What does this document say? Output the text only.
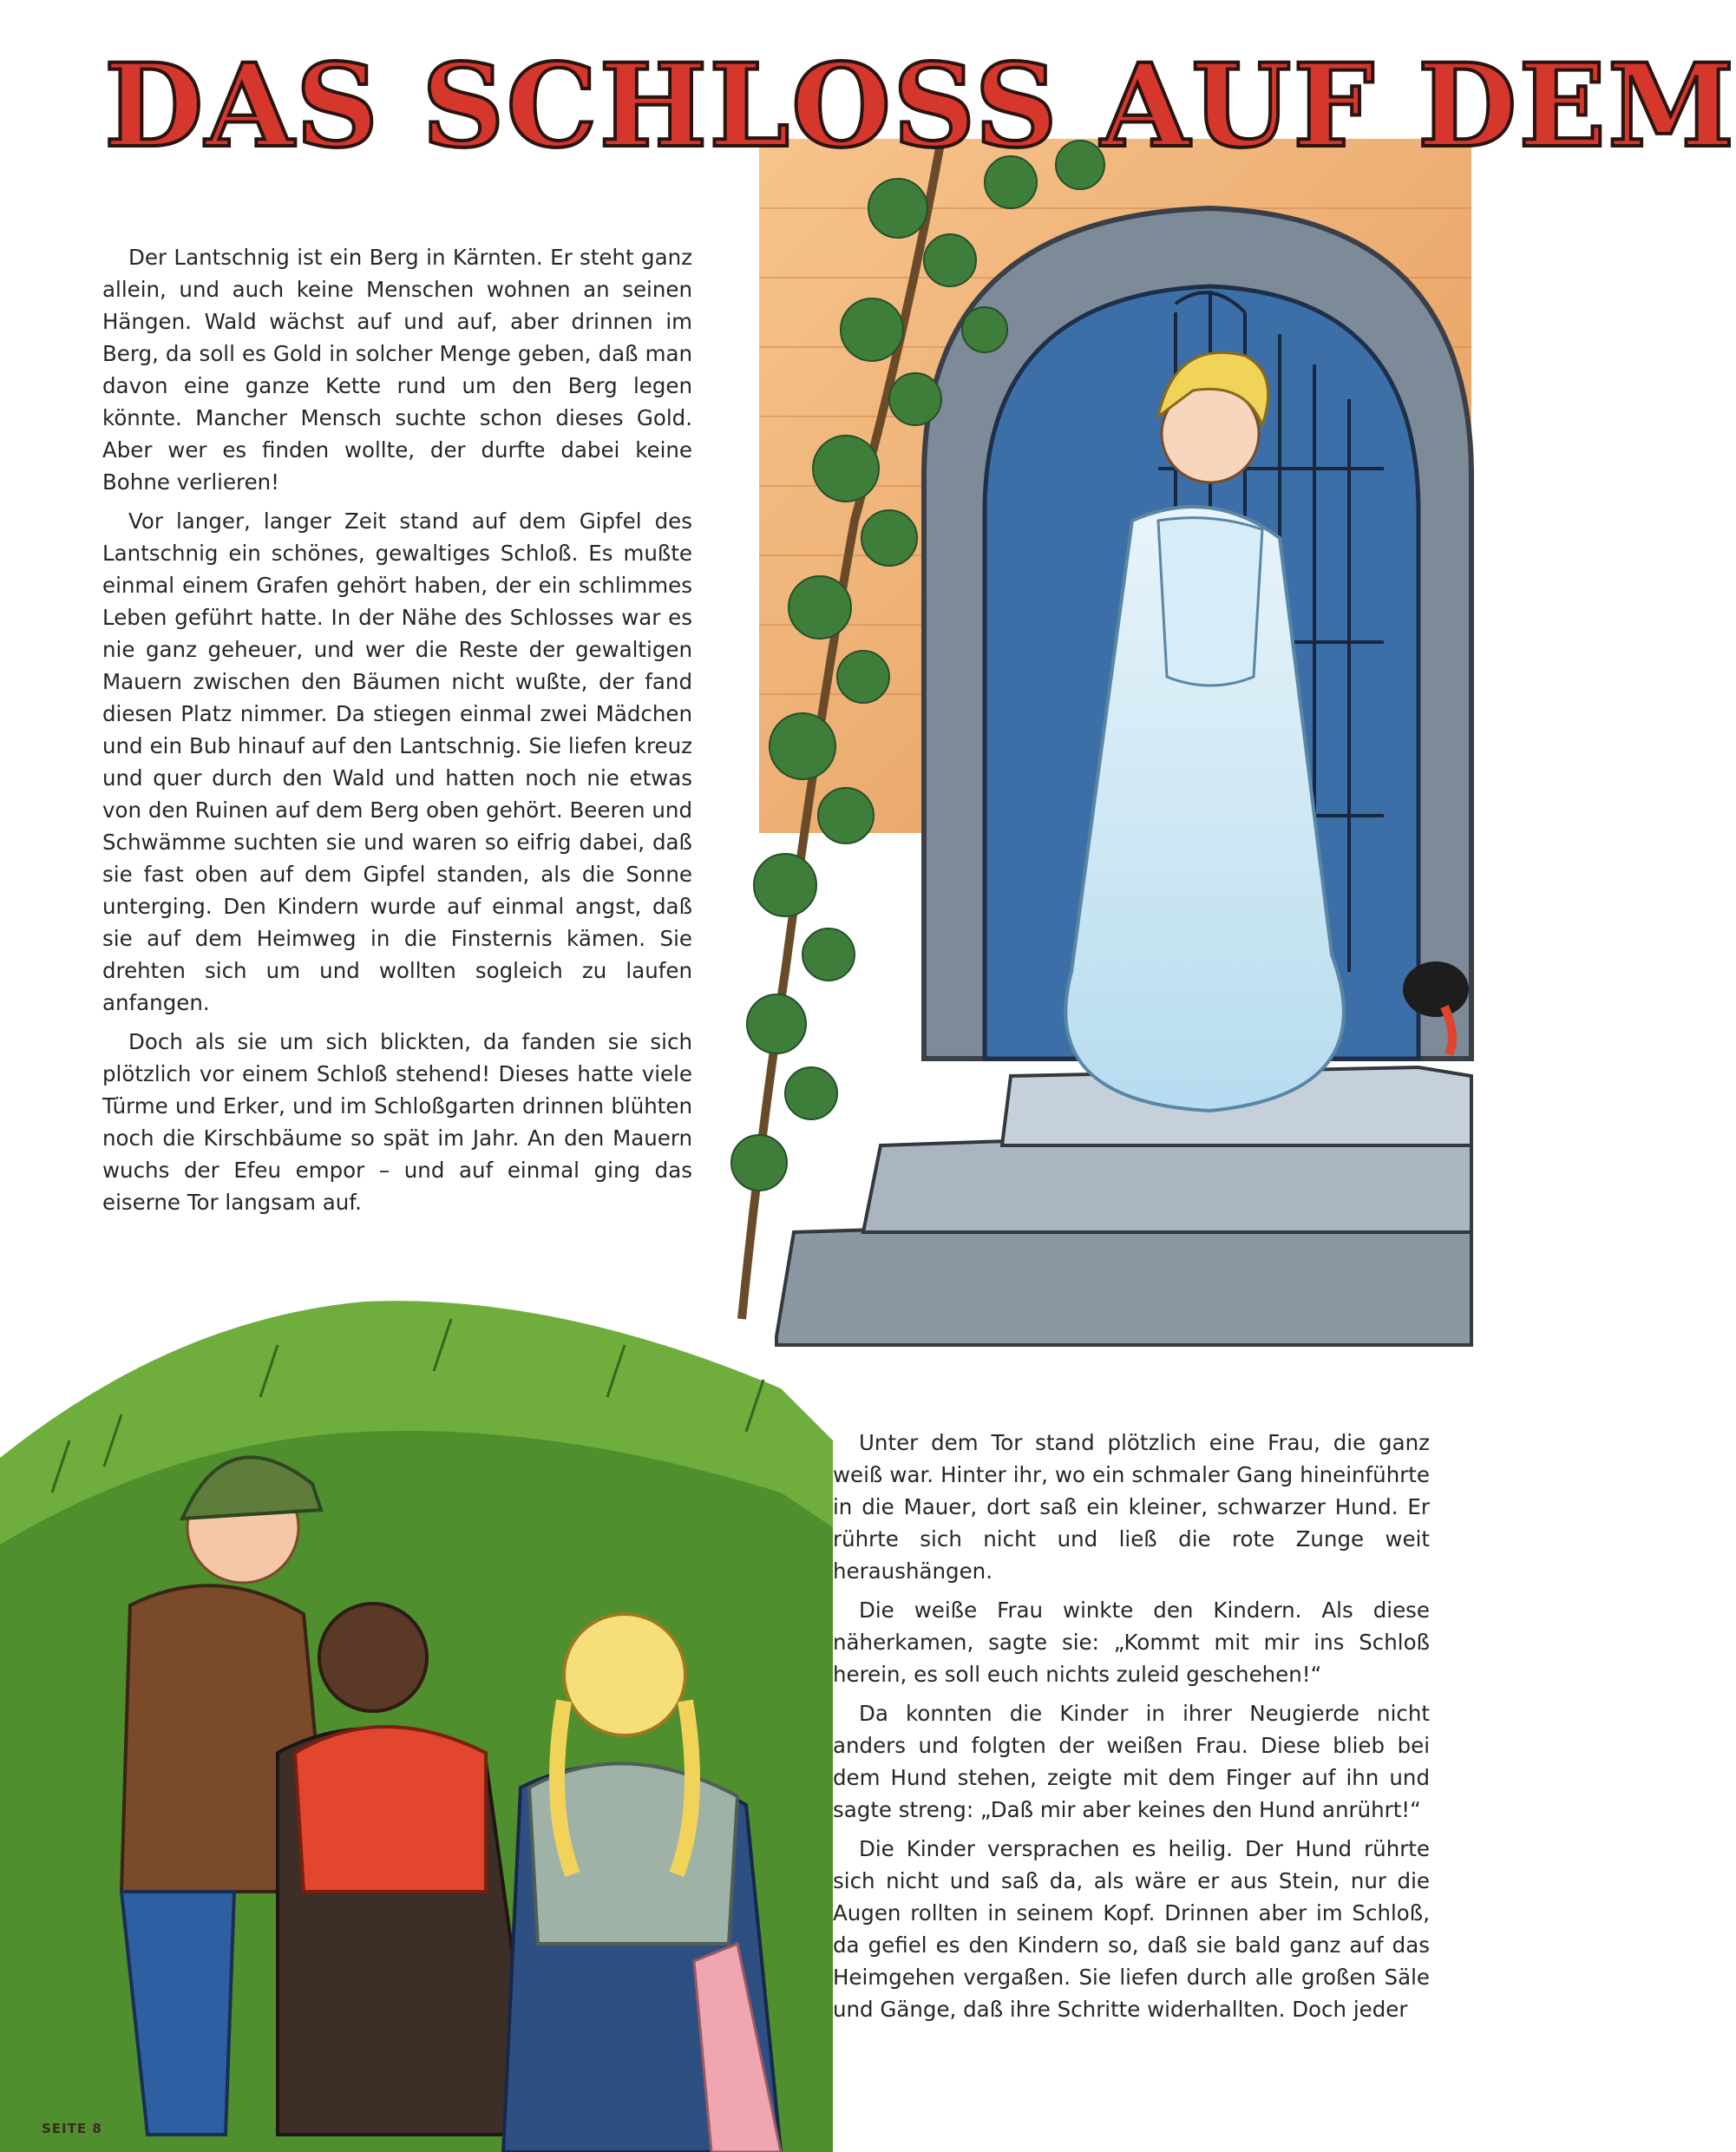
DAS SCHLOSS AUF DEM

Der Lantschnig ist ein Berg in Kärnten. Er steht ganz allein, und auch keine Menschen wohnen an seinen Hängen. Wald wächst auf und auf, aber drinnen im Berg, da soll es Gold in solcher Menge geben, daß man davon eine ganze Kette rund um den Berg legen könnte. Mancher Mensch suchte schon dieses Gold. Aber wer es finden wollte, der durfte dabei keine Bohne verlieren!

Vor langer, langer Zeit stand auf dem Gipfel des Lantschnig ein schönes, gewaltiges Schloß. Es mußte einmal einem Grafen gehört haben, der ein schlimmes Leben geführt hatte. In der Nähe des Schlosses war es nie ganz geheuer, und wer die Reste der gewaltigen Mauern zwischen den Bäumen nicht wußte, der fand diesen Platz nimmer. Da stiegen einmal zwei Mädchen und ein Bub hinauf auf den Lantschnig. Sie liefen kreuz und quer durch den Wald und hatten noch nie etwas von den Ruinen auf dem Berg oben gehört. Beeren und Schwämme suchten sie und waren so eifrig dabei, daß sie fast oben auf dem Gipfel standen, als die Sonne unterging. Den Kindern wurde auf einmal angst, daß sie auf dem Heimweg in die Finsternis kämen. Sie drehten sich um und wollten sogleich zu laufen anfangen.

Doch als sie um sich blickten, da fanden sie sich plötzlich vor einem Schloß stehend! Dieses hatte viele Türme und Erker, und im Schloßgarten drinnen blühten noch die Kirschbäume so spät im Jahr. An den Mauern wuchs der Efeu empor – und auf einmal ging das eiserne Tor langsam auf.

Unter dem Tor stand plötzlich eine Frau, die ganz weiß war. Hinter ihr, wo ein schmaler Gang hineinführte in die Mauer, dort saß ein kleiner, schwarzer Hund. Er rührte sich nicht und ließ die rote Zunge weit heraushängen.

Die weiße Frau winkte den Kindern. Als diese näherkamen, sagte sie: „Kommt mit mir ins Schloß herein, es soll euch nichts zuleid geschehen!“

Da konnten die Kinder in ihrer Neugierde nicht anders und folgten der weißen Frau. Diese blieb bei dem Hund stehen, zeigte mit dem Finger auf ihn und sagte streng: „Daß mir aber keines den Hund anrührt!“

Die Kinder versprachen es heilig. Der Hund rührte sich nicht und saß da, als wäre er aus Stein, nur die Augen rollten in seinem Kopf. Drinnen aber im Schloß, da gefiel es den Kindern so, daß sie bald ganz auf das Heimgehen vergaßen. Sie liefen durch alle großen Säle und Gänge, daß ihre Schritte widerhallten. Doch jeder

SEITE 8
